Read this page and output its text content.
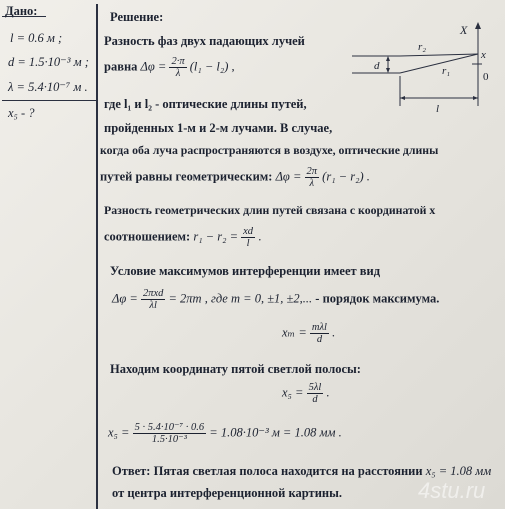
Дано:
l = 0.6 м ;
d = 1.5·10⁻³ м ;
λ = 5.4·10⁻⁷ м .
x₅ - ?
Решение:
Разность фаз двух падающих лучей
равна $\Delta\varphi = \frac{2\cdot\pi}{\lambda} (l_1 - l_2)$ ,
где l₁ и l₂ - оптические длины путей,
пройденных 1-м и 2-м лучами. В случае,
когда оба луча распространяются в воздухе, оптические длины
путей равны геометрическим: $\Delta\varphi = \frac{2\pi}{\lambda} (r_1 - r_2)$ .
Разность геометрических длин путей связана с координатой x
соотношением: $r_1 - r_2 = \frac{xd}{l}$ .
Условие максимумов интерференции имеет вид
$\Delta\varphi = \frac{\text{2πxd}}{\lambda l} = 2\pi m$ , где m = 0, ±1, ±2,... - порядок максимума.
$x_m = \frac{\text{mλl}}{d}$ .
Находим координату пятой светлой полосы:
$x_5 = \frac{5\lambda l}{d}$ .
$x_5 = \frac{\text{5 · 5.4·10⁻⁷ · 0.6}}{\text{1.5·10⁻³}} = 1.08\cdot 10^{-3}$ м = 1.08 мм .
Ответ: Пятая светлая полоса находится на расстоянии x₅ = 1.08 мм
от центра интерференционной картины.
r₂
r₁
X
x
d
0
l
4stu.ru
